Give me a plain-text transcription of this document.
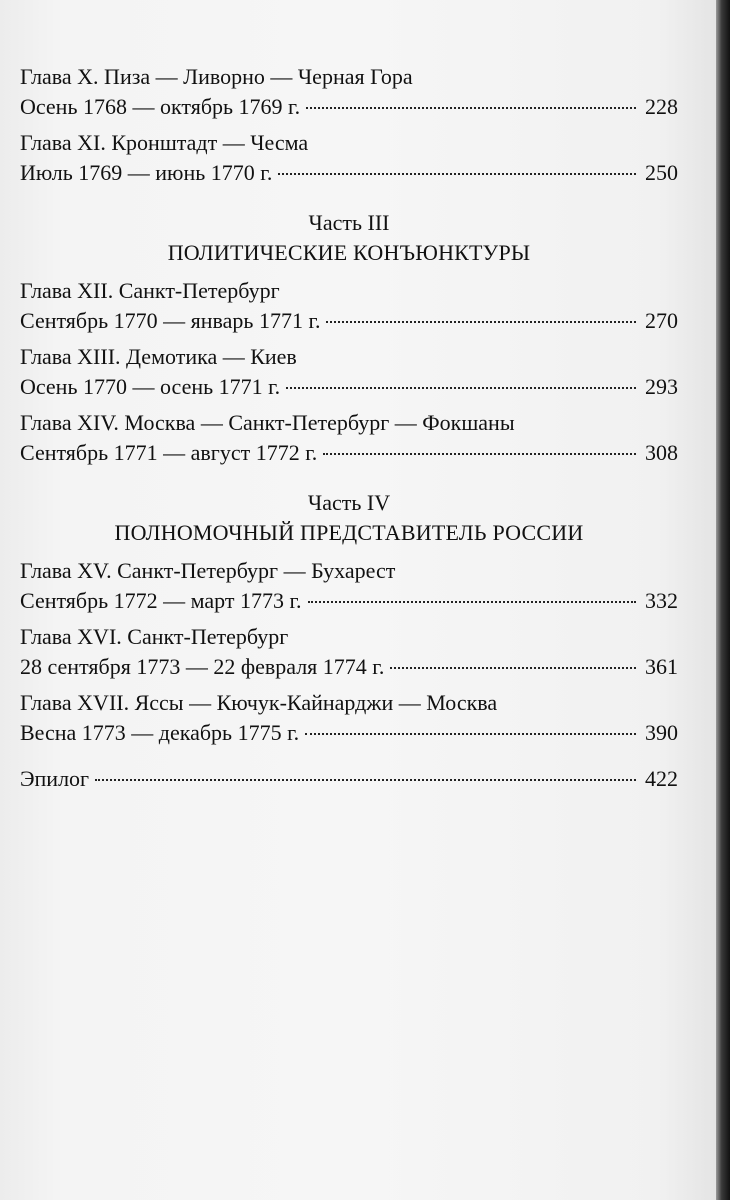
Глава X. Пиза — Ливорно — Черная Гора
Осень 1768 — октябрь 1769 г.	228
Глава XI. Кронштадт — Чесма
Июль 1769 — июнь 1770 г.	250
Часть III
ПОЛИТИЧЕСКИЕ КОНЪЮНКТУРЫ
Глава XII. Санкт-Петербург
Сентябрь 1770 — январь 1771 г.	270
Глава XIII. Демотика — Киев
Осень 1770 — осень 1771 г.	293
Глава XIV. Москва — Санкт-Петербург — Фокшаны
Сентябрь 1771 — август 1772 г.	308
Часть IV
ПОЛНОМОЧНЫЙ ПРЕДСТАВИТЕЛЬ РОССИИ
Глава XV. Санкт-Петербург — Бухарест
Сентябрь 1772 — март 1773 г.	332
Глава XVI. Санкт-Петербург
28 сентября 1773 — 22 февраля 1774 г.	361
Глава XVII. Яссы — Кючук-Кайнарджи — Москва
Весна 1773 — декабрь 1775 г.	390
Эпилог	422
